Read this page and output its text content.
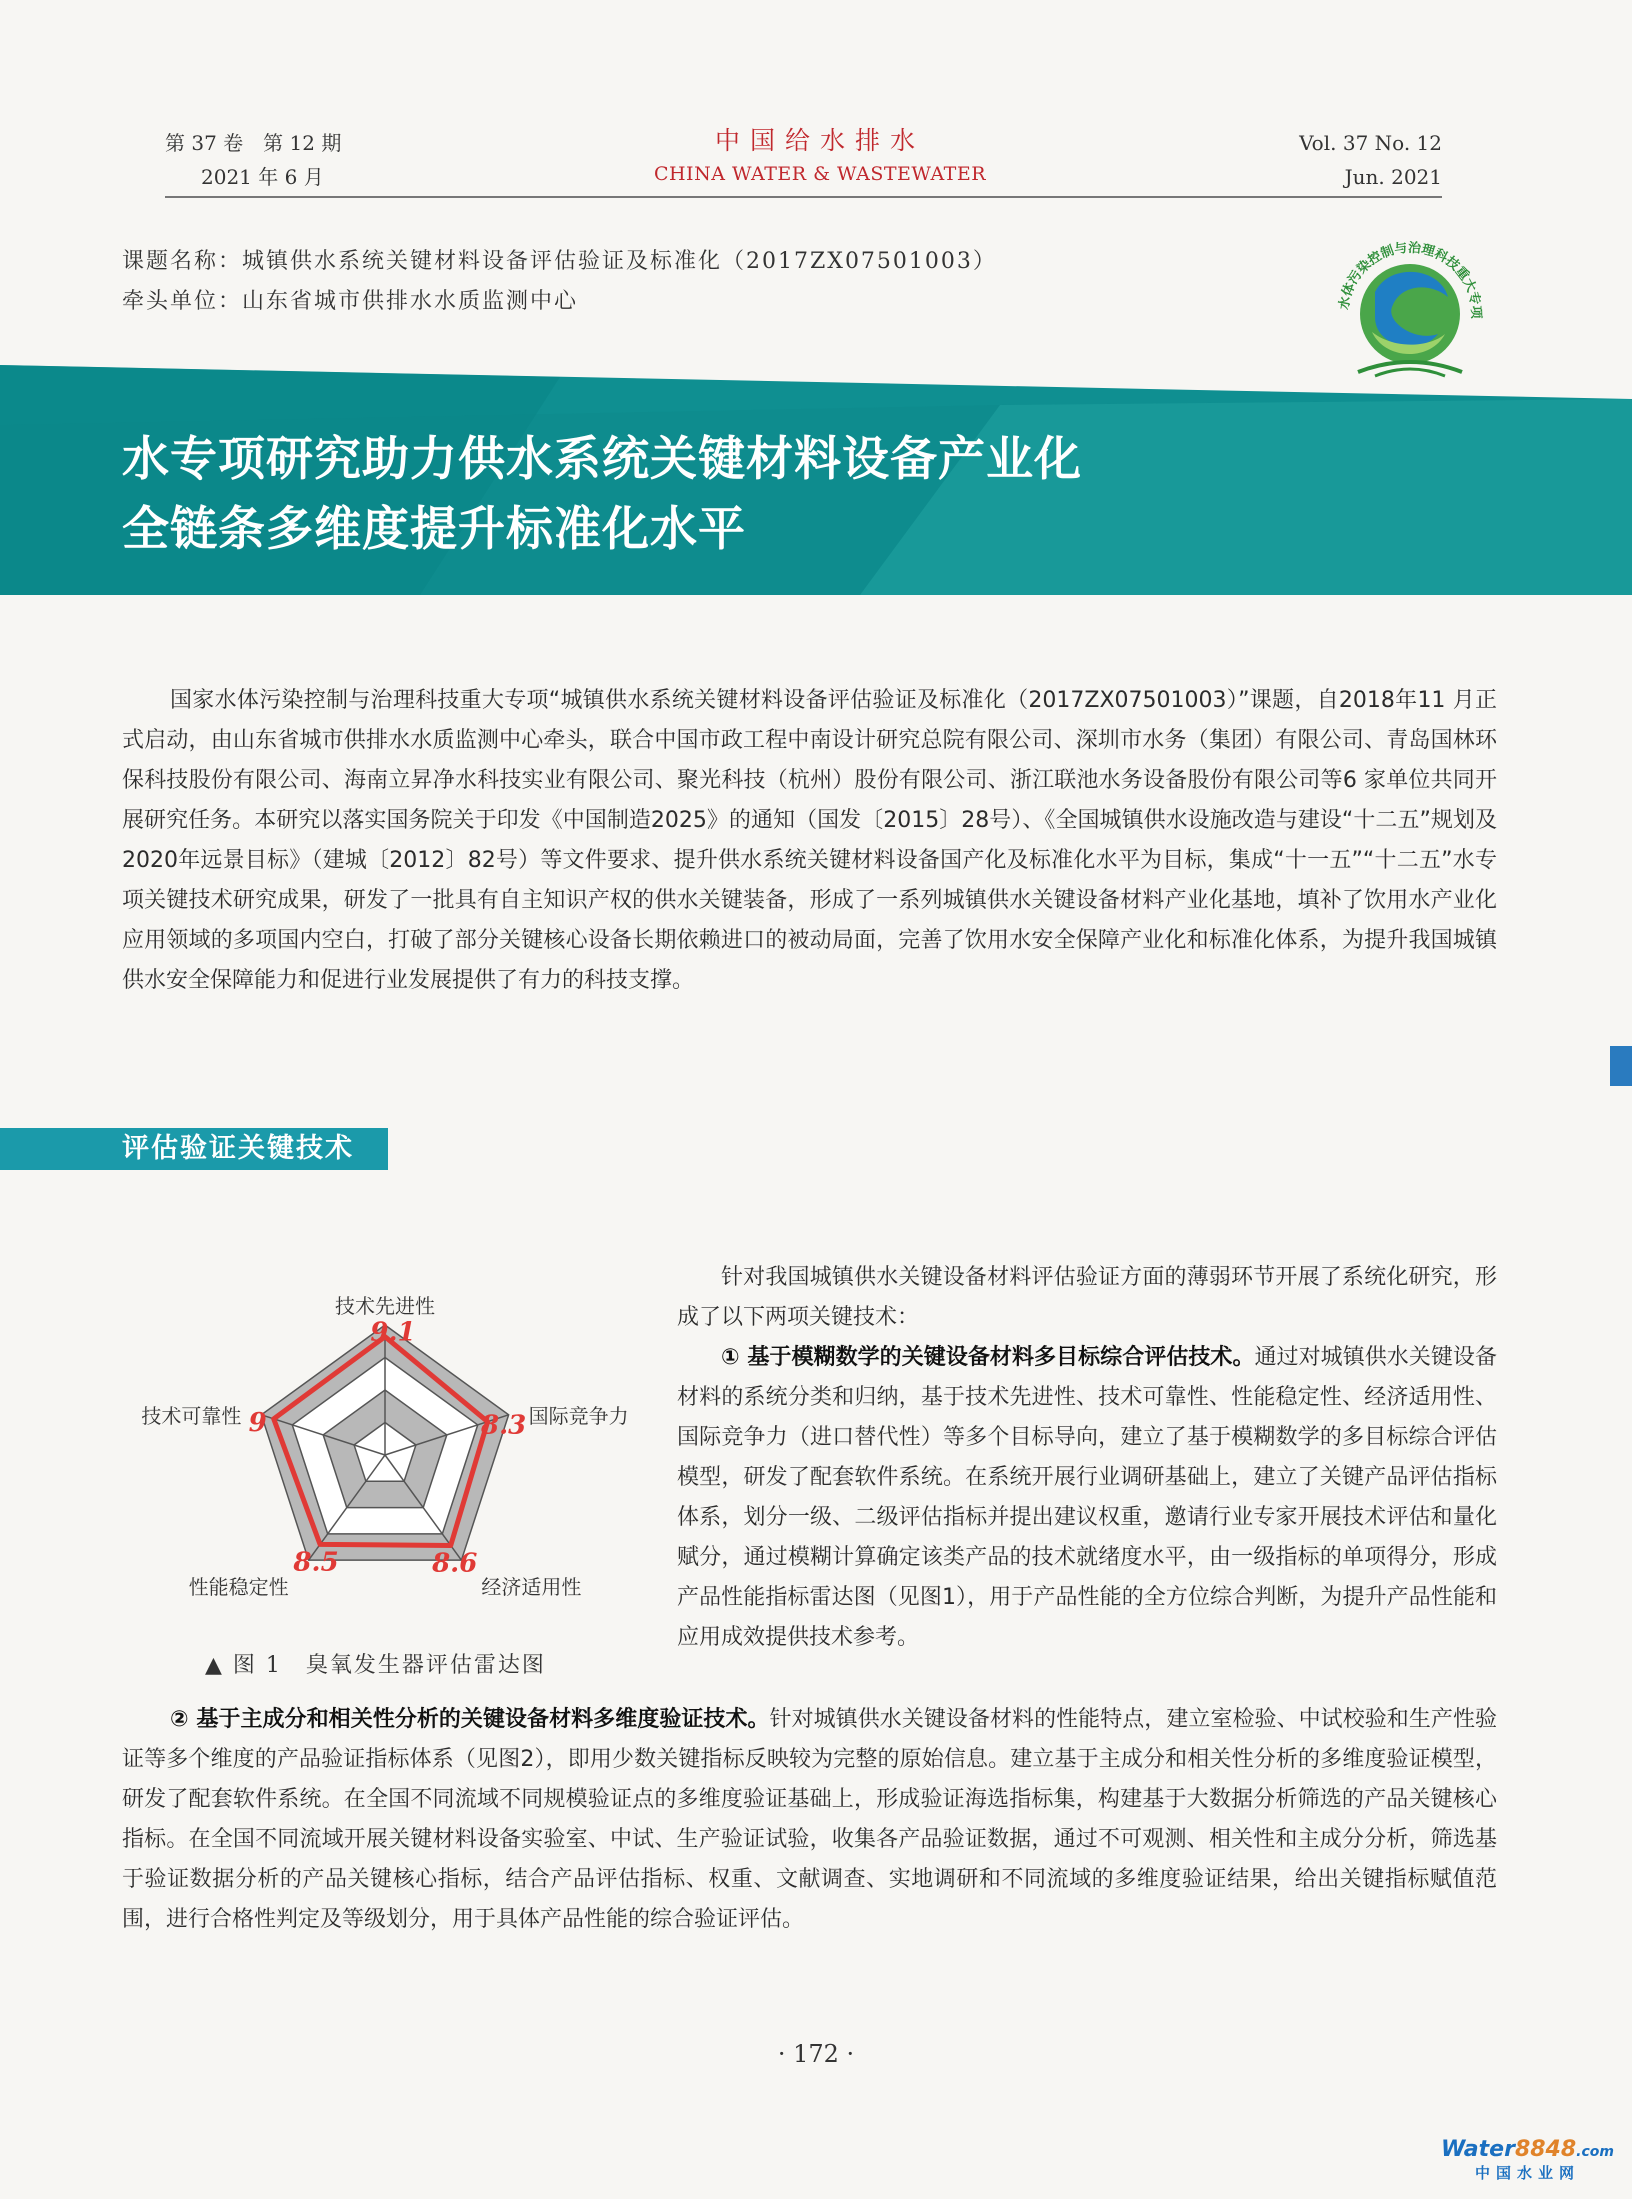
第 37 卷　第 12 期
2021 年 6 月
中国给水排水
CHINA WATER & WASTEWATER
Vol. 37 No. 12
Jun. 2021
课题名称：城镇供水系统关键材料设备评估验证及标准化（2017ZX07501003）
牵头单位：山东省城市供排水水质监测中心	水体污染控制与治理科技重大专项
水专项研究助力供水系统关键材料设备产业化
全链条多维度提升标准化水平
国家水体污染控制与治理科技重大专项“城镇供水系统关键材料设备评估验证及标准化（2017ZX07501003）”课题，自2018年11 月正式启动，由山东省城市供排水水质监测中心牵头，联合中国市政工程中南设计研究总院有限公司、深圳市水务（集团）有限公司、青岛国林环保科技股份有限公司、海南立昇净水科技实业有限公司、聚光科技（杭州）股份有限公司、浙江联池水务设备股份有限公司等6 家单位共同开展研究任务。本研究以落实国务院关于印发《中国制造2025》的通知（国发〔2015〕28号）、《全国城镇供水设施改造与建设“十二五”规划及2020年远景目标》（建城〔2012〕82号）等文件要求、提升供水系统关键材料设备国产化及标准化水平为目标，集成“十一五”“十二五”水专项关键技术研究成果，研发了一批具有自主知识产权的供水关键装备，形成了一系列城镇供水关键设备材料产业化基地，填补了饮用水产业化应用领域的多项国内空白，打破了部分关键核心设备长期依赖进口的被动局面，完善了饮用水安全保障产业化和标准化体系，为提升我国城镇供水安全保障能力和促进行业发展提供了有力的科技支撑。
评估验证关键技术
9.1
8.3
8.6
8.5
9
技术先进性
国际竞争力
经济适用性
性能稳定性
技术可靠性
▲ 图 1　臭氧发生器评估雷达图
针对我国城镇供水关键设备材料评估验证方面的薄弱环节开展了系统化研究，形成了以下两项关键技术：
① 基于模糊数学的关键设备材料多目标综合评估技术。通过对城镇供水关键设备材料的系统分类和归纳，基于技术先进性、技术可靠性、性能稳定性、经济适用性、国际竞争力（进口替代性）等多个目标导向，建立了基于模糊数学的多目标综合评估模型，研发了配套软件系统。在系统开展行业调研基础上，建立了关键产品评估指标体系，划分一级、二级评估指标并提出建议权重，邀请行业专家开展技术评估和量化赋分，通过模糊计算确定该类产品的技术就绪度水平，由一级指标的单项得分，形成产品性能指标雷达图（见图1），用于产品性能的全方位综合判断，为提升产品性能和应用成效提供技术参考。
② 基于主成分和相关性分析的关键设备材料多维度验证技术。针对城镇供水关键设备材料的性能特点，建立室检验、中试校验和生产性验证等多个维度的产品验证指标体系（见图2），即用少数关键指标反映较为完整的原始信息。建立基于主成分和相关性分析的多维度验证模型，研发了配套软件系统。在全国不同流域不同规模验证点的多维度验证基础上，形成验证海选指标集，构建基于大数据分析筛选的产品关键核心指标。在全国不同流域开展关键材料设备实验室、中试、生产验证试验，收集各产品验证数据，通过不可观测、相关性和主成分分析，筛选基于验证数据分析的产品关键核心指标，结合产品评估指标、权重、文献调查、实地调研和不同流域的多维度验证结果，给出关键指标赋值范围，进行合格性判定及等级划分，用于具体产品性能的综合验证评估。
· 172 ·
Water8848.com
中国水业网
